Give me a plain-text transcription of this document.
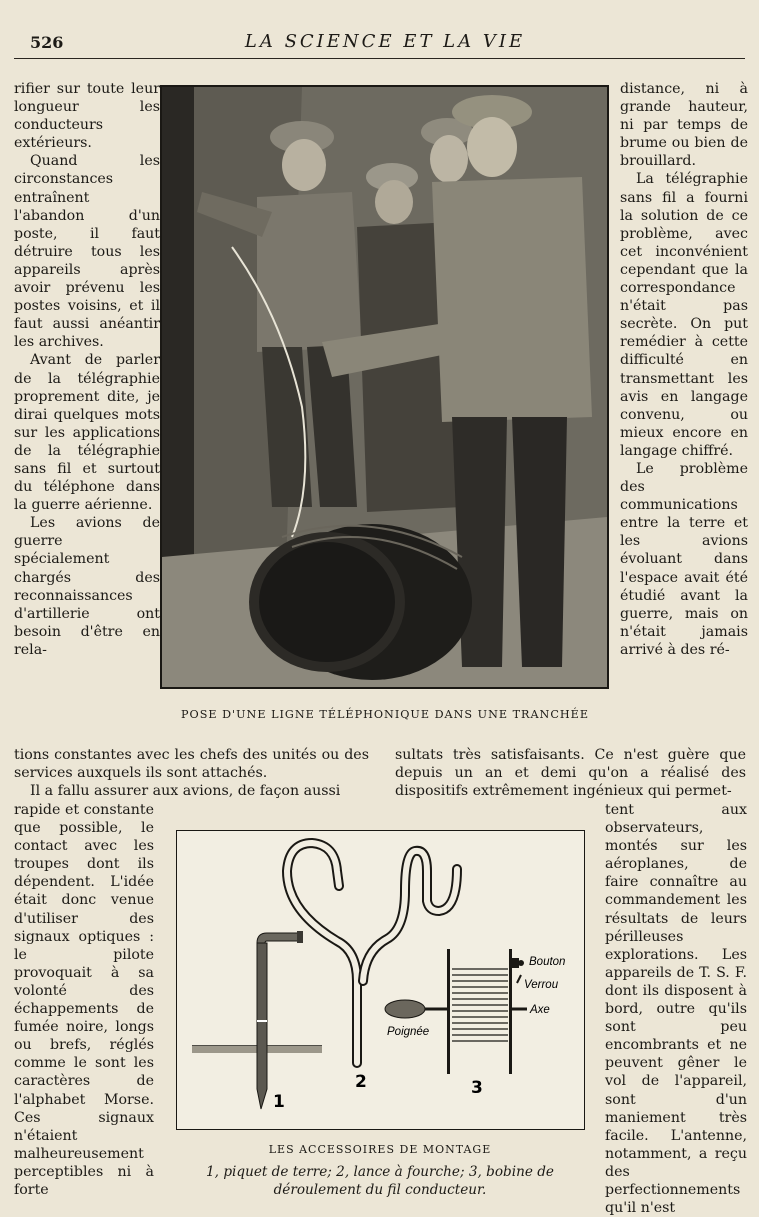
526	LA SCIENCE ET LA VIE

rifier sur toute leur longueur les conducteurs extérieurs.

Quand les circonstances entraînent l'abandon d'un poste, il faut détruire tous les appareils après avoir prévenu les postes voisins, et il faut aussi anéantir les archives.

Avant de parler de la télégraphie proprement dite, je dirai quelques mots sur les applications de la télégraphie sans fil et surtout du téléphone dans la guerre aérienne.

Les avions de guerre spécialement chargés des reconnaissances d'artillerie ont besoin d'être en rela-

POSE D'UNE LIGNE TÉLÉPHONIQUE DANS UNE TRANCHÉE

distance, ni à grande hauteur, ni par temps de brume ou bien de brouillard.

La télégraphie sans fil a fourni la solution de ce problème, avec cet inconvénient cependant que la correspondance n'était pas secrète. On put remédier à cette difficulté en transmettant les avis en langage convenu, ou mieux encore en langage chiffré.

Le problème des communications entre la terre et les avions évoluant dans l'espace avait été étudié avant la guerre, mais on n'était jamais arrivé à des ré-

tions constantes avec les chefs des unités ou des services auxquels ils sont attachés.

Il a fallu assurer aux avions, de façon aussi

sultats très satisfaisants. Ce n'est guère que depuis un an et demi qu'on a réalisé des dispositifs extrêmement ingénieux qui permet-

rapide et constante que possible, le contact avec les troupes dont ils dépendent. L'idée était donc venue d'utiliser des signaux optiques : le pilote provoquait à sa volonté des échappements de fumée noire, longs ou brefs, réglés comme le sont les caractères de l'alphabet Morse. Ces signaux n'étaient malheureusement perceptibles ni à forte

1
2	3
Bouton
Verrou
Axe
Poignée
LES ACCESSOIRES DE MONTAGE
1, piquet de terre; 2, lance à fourche; 3, bobine de
déroulement du fil conducteur.

tent aux observateurs, montés sur les aéroplanes, de faire connaître au commandement les résultats de leurs périlleuses explorations. Les appareils de T. S. F. dont ils disposent à bord, outre qu'ils sont peu encombrants et ne peuvent gêner le vol de l'appareil, sont d'un maniement très facile. L'antenne, notamment, a reçu des perfectionnements qu'il n'est
